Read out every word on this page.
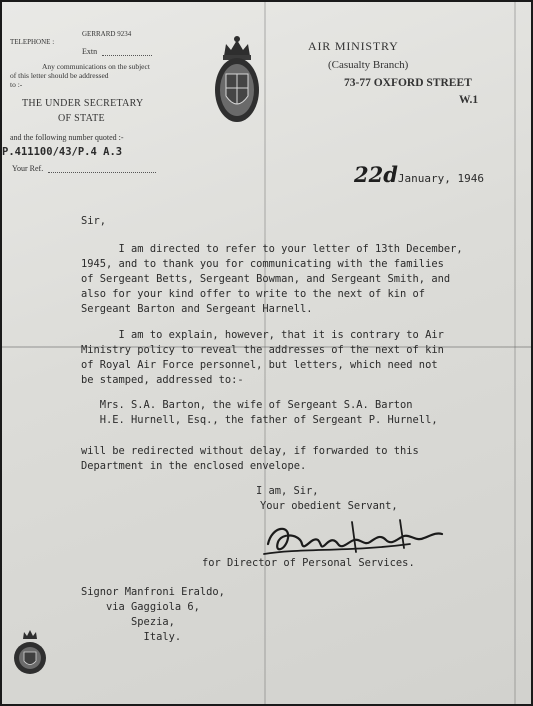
TELEPHONE :
GERRARD 9234
Extn
Any communications on the subject
of this letter should be addressed
to :-
THE UNDER SECRETARY
OF STATE
and the following number quoted :-
P.411100/43/P.4 A.3
Your Ref.
AIR MINISTRY
(Casualty Branch)
73-77 OXFORD STREET
W.1
22dJanuary, 1946
Sir,
I am directed to refer to your letter of 13th December,
1945, and to thank you for communicating with the families
of Sergeant Betts, Sergeant Bowman, and Sergeant Smith, and
also for your kind offer to write to the next of kin of
Sergeant Barton and Sergeant Harnell.
I am to explain, however, that it is contrary to Air
Ministry policy to reveal the addresses of the next of kin
of Royal Air Force personnel, but letters, which need not
be stamped, addressed to:-
Mrs. S.A. Barton, the wife of Sergeant S.A. Barton
H.E. Hurnell, Esq., the father of Sergeant P. Hurnell,
will be redirected without delay, if forwarded to this
Department in the enclosed envelope.
I am, Sir,
Your obedient Servant,
for Director of Personal Services.
Signor Manfroni Eraldo,
via Gaggiola 6,
Spezia,
Italy.
